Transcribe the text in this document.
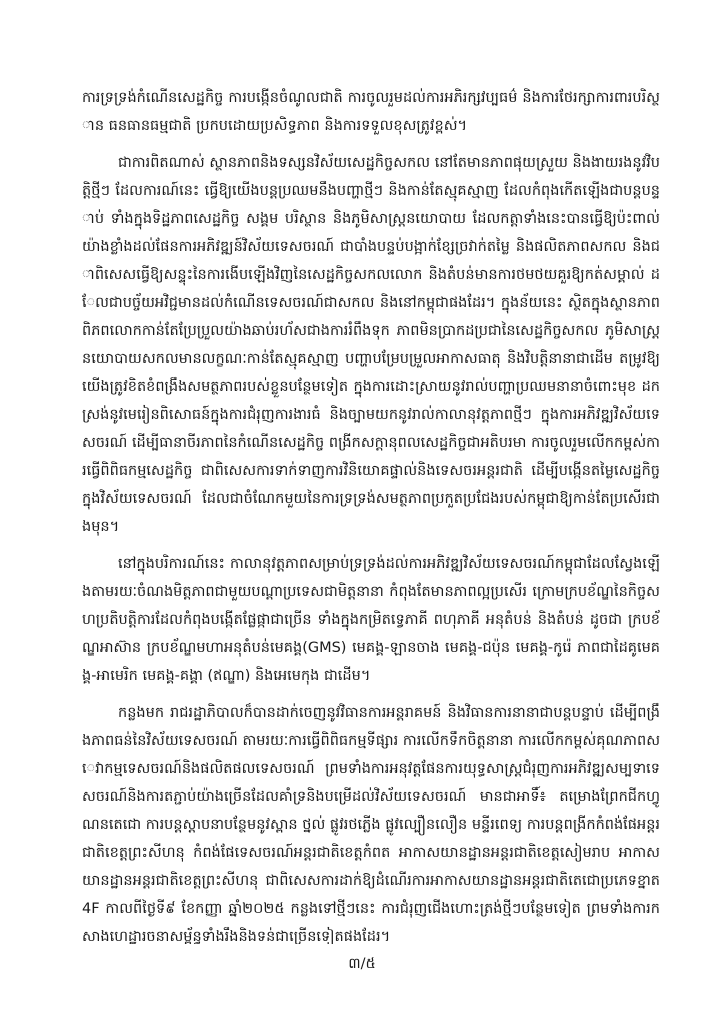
ការទ្រទ្រង់កំណើនសេដ្ឋកិច្ច ការបង្កើនចំណូលជាតិ ការចូលរួមដល់ការអភិរក្សវប្បធម៌ និងការថែរក្សាការពារបរិស្ថាន ធនធានធម្មជាតិ ប្រកបដោយប្រសិទ្ធភាព និងការទទួលខុសត្រូវខ្ពស់។

ជាការពិតណាស់ ស្ថានភាពនិងទស្សនវិស័យសេដ្ឋកិច្ចសកល នៅតែមានភាពផុយស្រួយ និងងាយរងនូវវិបត្តិថ្មីៗ ដែលការណ៍នេះ ធ្វើឱ្យយើងបន្តប្រឈមនឹងបញ្ហាថ្មីៗ និងកាន់តែស្មុគស្មាញ ដែលកំពុងកើតឡើងជាបន្តបន្ទាប់ ទាំងក្នុងទិដ្ឋភាពសេដ្ឋកិច្ច សង្គម បរិស្ថាន និងភូមិសាស្ត្រនយោបាយ ដែលកត្តាទាំងនេះបានធ្វើឱ្យប៉ះពាល់យ៉ាងខ្លាំងដល់ផែនការអភិវឌ្ឍន៍វិស័យទេសចរណ៍ ជាបាំងបន្ទប់បង្អាក់ខ្សែច្រវាក់តម្លៃ និងផលិតភាពសកល និងជាពិសេសធ្វើឱ្យសន្ទុះនៃការងើបឡើងវិញនៃសេដ្ឋកិច្ចសកលលោក និងតំបន់មានការថមថយគួរឱ្យកត់សម្គាល់ ដែលជាបច្ច័យអវិជ្ជមានដល់កំណើនទេសចរណ៍ជាសកល និងនៅកម្ពុជាផងដែរ។ ក្នុងន័យនេះ ស្ថិតក្នុងស្ថានភាពពិភពលោកកាន់តែប្រែប្រួលយ៉ាងឆាប់រហ័សជាងការរំពឹងទុក ភាពមិនប្រាកដប្រជានៃសេដ្ឋកិច្ចសកល ភូមិសាស្ត្រនយោបាយសកលមានលក្ខណៈកាន់តែស្មុគស្មាញ បញ្ហាបម្រែបម្រួលអាកាសធាតុ និងវិបត្តិនានាជាដើម តម្រូវឱ្យយើងត្រូវខិតខំពង្រឹងសមត្ថភាពរបស់ខ្លួនបន្ថែមទៀត ក្នុងការដោះស្រាយនូវរាល់បញ្ហាប្រឈមនានាចំពោះមុខ ដកស្រង់នូវមេរៀនពិសោធន៍ក្នុងការជំរុញការងារធំ និងច្បាមយកនូវរាល់កាលានុវត្តភាពថ្មីៗ ក្នុងការអភិវឌ្ឍវិស័យទេសចរណ៍ ដើម្បីធានាចីរភាពនៃកំណើនសេដ្ឋកិច្ច ពង្រីកសក្តានុពលសេដ្ឋកិច្ចជាអតិបរមា ការចូលរួមលើកកម្ពស់ការធ្វើពិពិធកម្មសេដ្ឋកិច្ច ជាពិសេសការទាក់ទាញការវិនិយោគផ្ទាល់និងទេសចរអន្តរជាតិ ដើម្បីបង្កើនតម្លៃសេដ្ឋកិច្ចក្នុងវិស័យទេសចរណ៍ ដែលជាចំណែកមួយនៃការទ្រទ្រង់សមត្ថភាពប្រកួតប្រជែងរបស់កម្ពុជាឱ្យកាន់តែប្រសើរជាងមុន។

នៅក្នុងបរិការណ៍នេះ កាលានុវត្តភាពសម្រាប់ទ្រទ្រង់ដល់ការអភិវឌ្ឍវិស័យទេសចរណ៍កម្ពុជាដែលស្វែងឡើងតាមរយៈចំណងមិត្តភាពជាមួយបណ្ដាប្រទេសជាមិត្តនានា កំពុងតែមានភាពល្អប្រសើរ ក្រោមក្របខ័ណ្ឌនៃកិច្ចសហប្រតិបត្តិការដែលកំពុងបង្កើតផ្លែផ្កាជាច្រើន ទាំងក្នុងកម្រិតទ្វេភាគី ពហុភាគី អនុតំបន់ និងតំបន់ ដូចជា ក្របខ័ណ្ឌអាស៊ាន ក្របខ័ណ្ឌមហាអនុតំបន់មេគង្គ(GMS) មេគង្គ-ឡានចាង មេគង្គ-ជប៉ុន មេគង្គ-កូរ៉េ ភាពជាដៃគូមេគង្គ-អាមេរិក មេគង្គ-គង្គា (ឥណ្ឌា) និងអេមេកុង ជាដើម។

កន្លងមក រាជរដ្ឋាភិបាលក៏បានដាក់ចេញនូវវិធានការអន្តរាគមន៍ និងវិធានការនានាជាបន្តបន្ទាប់ ដើម្បីពង្រឹងភាពធន់នៃវិស័យទេសចរណ៍ តាមរយៈការធ្វើពិពិធកម្មទីផ្សារ ការលើកទឹកចិត្តនានា ការលើកកម្ពស់គុណភាពសេវាកម្មទេសចរណ៍និងផលិតផលទេសចរណ៍ ព្រមទាំងការអនុវត្តផែនការយុទ្ធសាស្ត្រជំរុញការអភិវឌ្ឍសម្បទាទេសចរណ៍និងការតភ្ជាប់យ៉ាងច្រើនដែលគាំទ្រនិងបម្រើដល់វិស័យទេសចរណ៍ មានជាអាទិ៍៖ តម្រោងព្រែកជីកហ្វូណនតេជោ ការបន្តស្ដាបនាបន្ថែមនូវស្ពាន ថ្នល់ ផ្លូវរថភ្លើង ផ្លូវល្បឿនលឿន មន្ទីរពេទ្យ ការបន្តពង្រីកកំពង់ផែអន្តរជាតិខេត្តព្រះសីហនុ កំពង់ផែទេសចរណ៍អន្តរជាតិខេត្តកំពត អាកាសយានដ្ឋានអន្តរជាតិខេត្តសៀមរាប អាកាសយានដ្ឋានអន្តរជាតិខេត្តព្រះសីហនុ ជាពិសេសការដាក់ឱ្យដំណើរការអាកាសយានដ្ឋានអន្តរជាតិតេជោប្រភេទខ្នាត 4F កាលពីថ្ងៃទី៩ ខែកញ្ញា ឆ្នាំ២០២៥ កន្លងទៅថ្មីៗនេះ ការជំរុញជើងហោះត្រង់ថ្មីៗបន្ថែមទៀត ព្រមទាំងការកសាងហេដ្ឋារចនាសម្ព័ន្ធទាំងរឹងនិងទន់ជាច្រើនទៀតផងដែរ។

៣/៥
